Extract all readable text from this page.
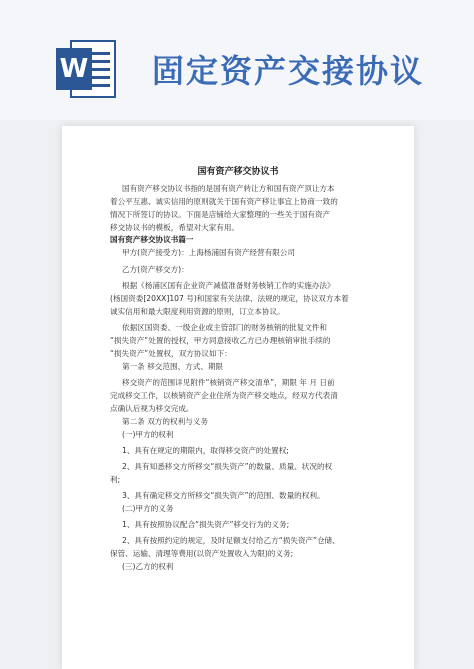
W 固定资产交接协议
国有资产移交协议书
国有资产移交协议书指的是国有资产转让方和国有资产顶让方本
着公平互惠、诚实信用的原则就关于国有资产移让事宜上协商一致的
情况下所签订的协议。下面是店铺给大家整理的一些关于国有资产
移交协议书的模板，希望对大家有用。
国有资产移交协议书篇一
甲方(资产接受方)：上海杨浦国有资产经营有限公司
乙方(资产移交方)：
根据《杨浦区国有企业资产减值准备财务核销工作的实施办法》
(杨国资委[20XX]107 号)和国家有关法律、法规的规定，协议双方本着
诚实信用和最大限度利用资源的原则，订立本协议。
依据区国资委、一级企业或主管部门的财务核销的批复文件和
“损失资产”处置的授权，甲方同意接收乙方已办理核销审批手续的
“损失资产”处置权，双方协议如下：
第一条 移交范围、方式、期限
移交资产的范围详见附件“核销资产移交清单”，期限 年 月 日前
完成移交工作，以核销资产企业住所为资产移交地点，经双方代表清
点确认后视为移交完成。
第二条 双方的权利与义务
(一)甲方的权利
1、具有在规定的期限内，取得移交资产的处置权;
2、具有知悉移交方所移交“损失资产”的数量、质量、状况的权
利;
3、具有确定移交方所移交“损失资产”的范围、数量的权利。
(二)甲方的义务
1、具有按照协议配合“损失资产”移交行为的义务;
2、具有按照约定的规定，及时足额支付给乙方“损失资产”仓储、
保管、运输、清理等费用(以资产处置收入为限)的义务;
(三)乙方的权利
